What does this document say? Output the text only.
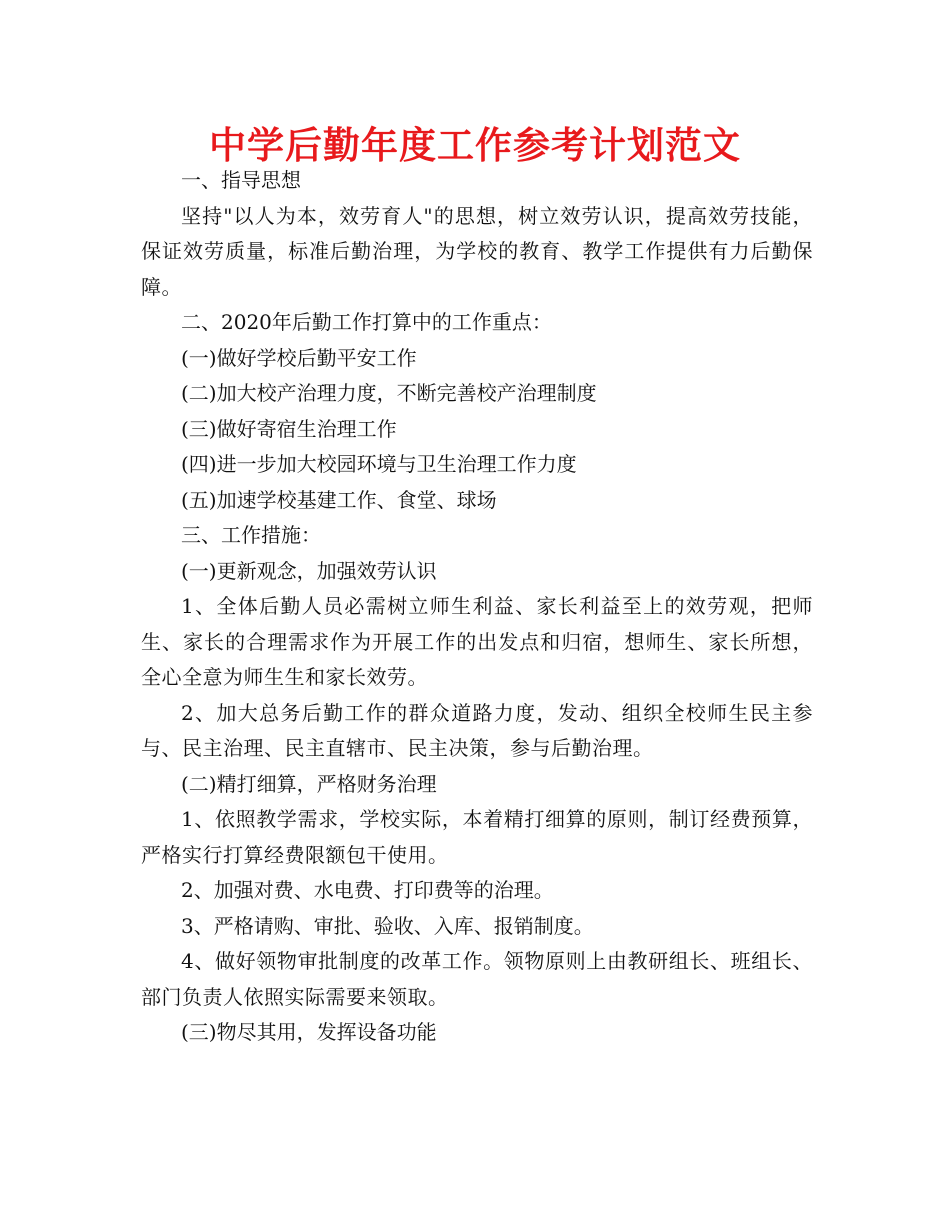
中学后勤年度工作参考计划范文

一、指导思想

坚持"以人为本，效劳育人"的思想，树立效劳认识，提高效劳技能，保证效劳质量，标准后勤治理，为学校的教育、教学工作提供有力后勤保障。

二、2020年后勤工作打算中的工作重点：

(一)做好学校后勤平安工作

(二)加大校产治理力度，不断完善校产治理制度

(三)做好寄宿生治理工作

(四)进一步加大校园环境与卫生治理工作力度

(五)加速学校基建工作、食堂、球场

三、工作措施：

(一)更新观念，加强效劳认识

1、全体后勤人员必需树立师生利益、家长利益至上的效劳观，把师生、家长的合理需求作为开展工作的出发点和归宿，想师生、家长所想，全心全意为师生生和家长效劳。

2、加大总务后勤工作的群众道路力度，发动、组织全校师生民主参与、民主治理、民主直辖市、民主决策，参与后勤治理。

(二)精打细算，严格财务治理

1、依照教学需求，学校实际，本着精打细算的原则，制订经费预算，严格实行打算经费限额包干使用。

2、加强对费、水电费、打印费等的治理。

3、严格请购、审批、验收、入库、报销制度。

4、做好领物审批制度的改革工作。领物原则上由教研组长、班组长、部门负责人依照实际需要来领取。

(三)物尽其用，发挥设备功能
